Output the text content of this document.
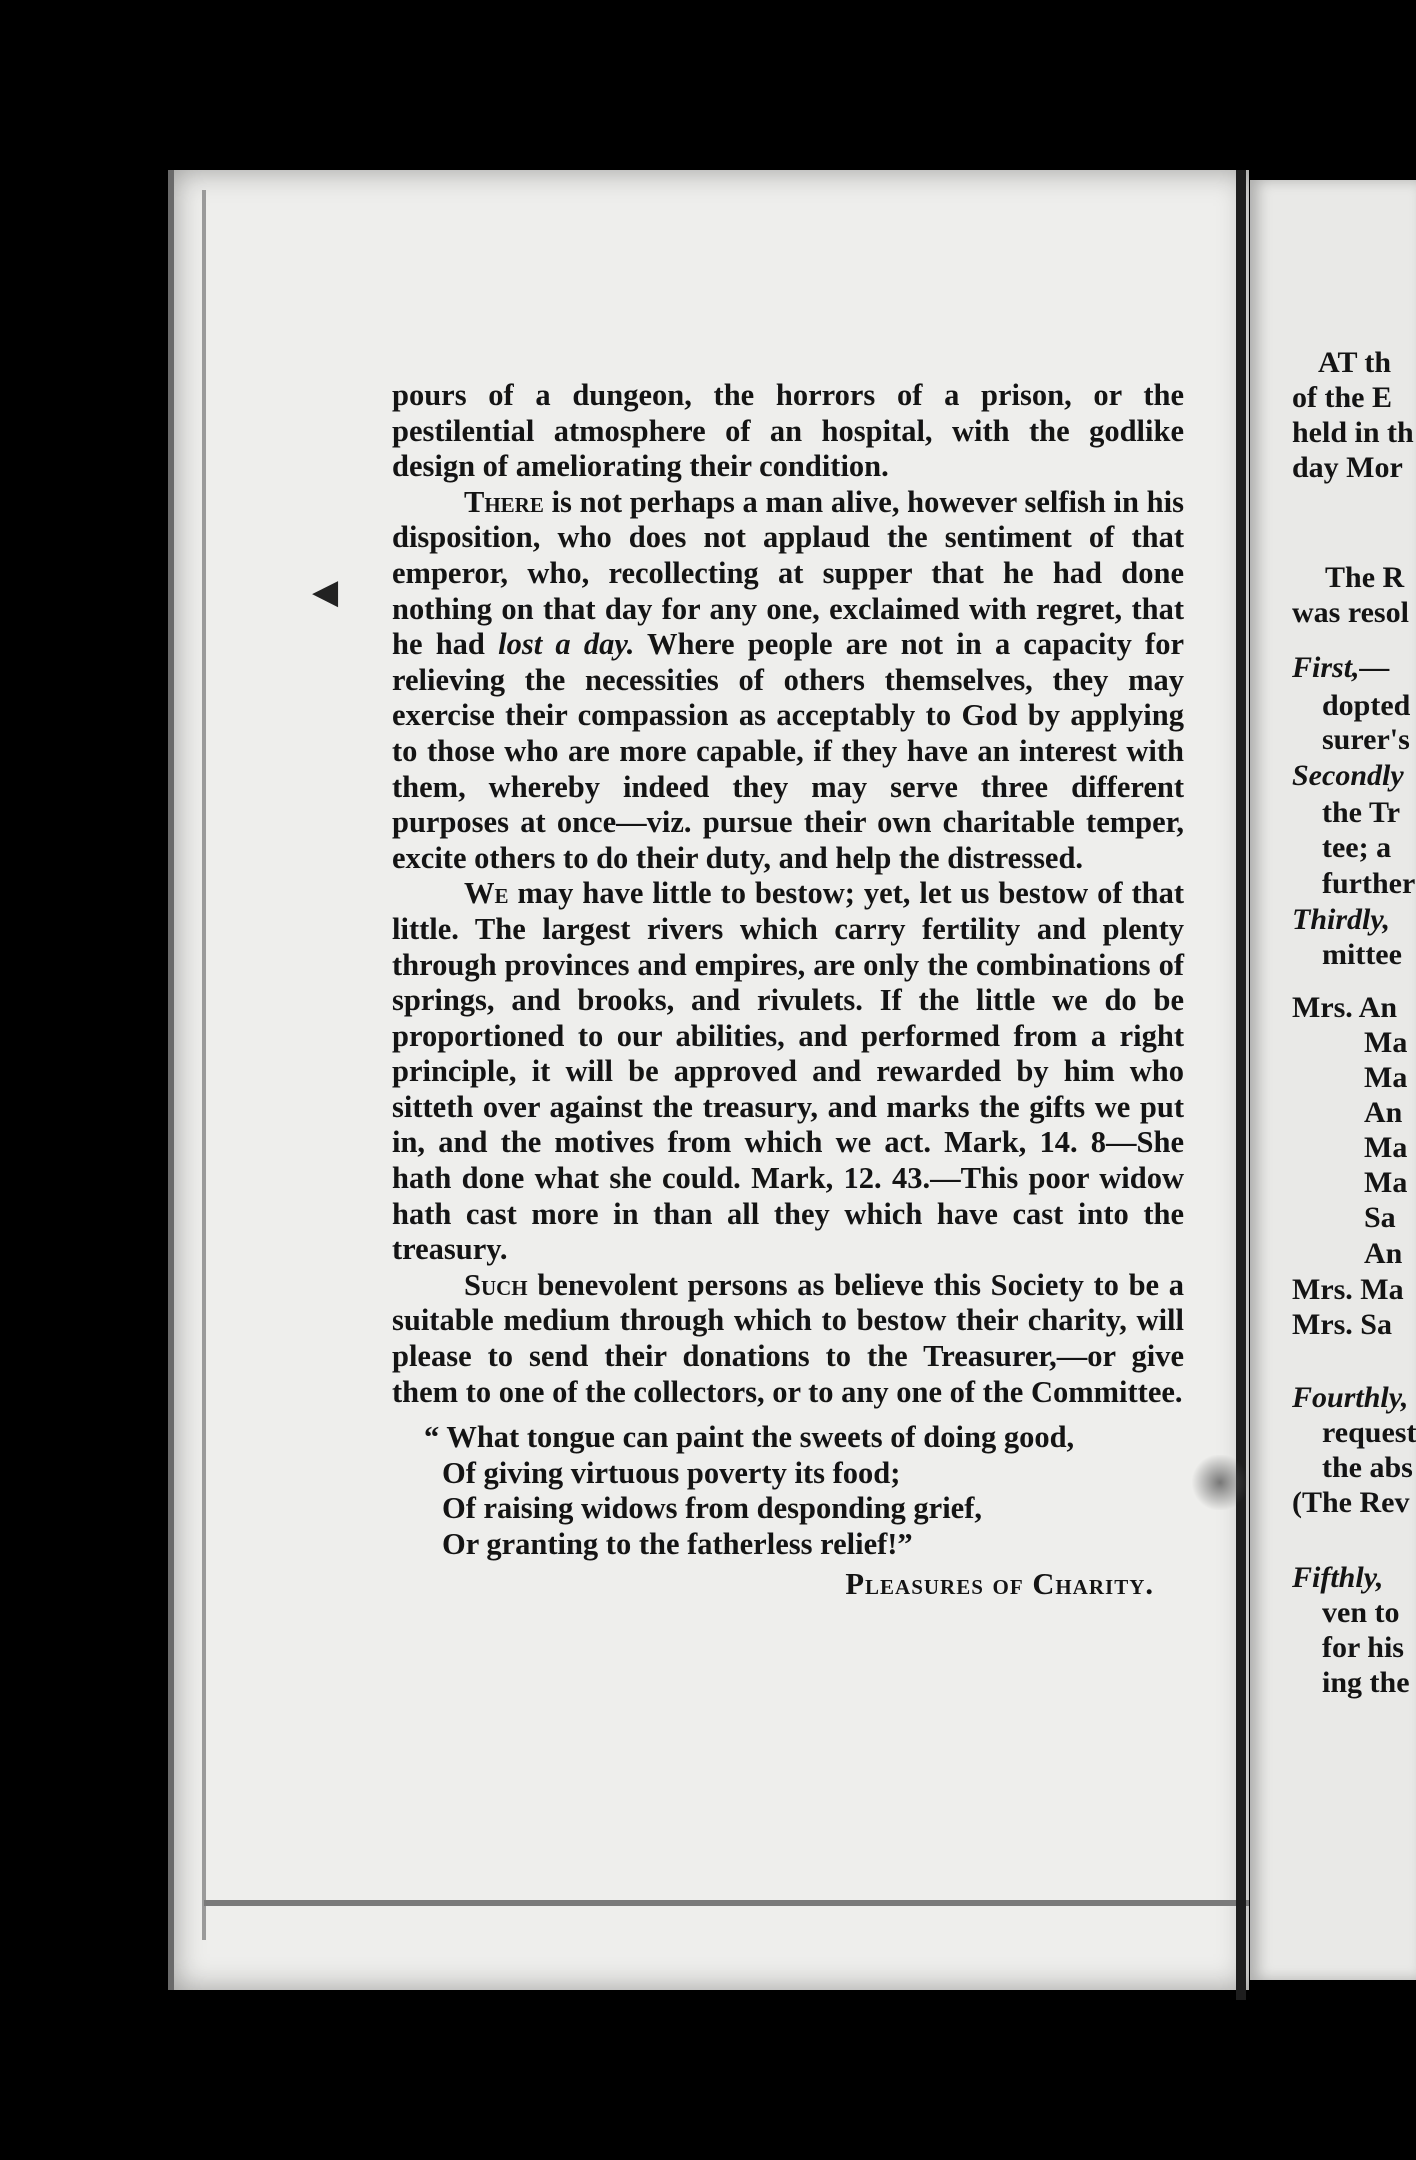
◀

pours of a dungeon, the horrors of a prison, or the pestilential atmosphere of an hospital, with the godlike design of ameliorating their condition.

There is not perhaps a man alive, however selfish in his disposition, who does not applaud the sentiment of that emperor, who, recollecting at supper that he had done nothing on that day for any one, exclaimed with regret, that he had lost a day. Where people are not in a capacity for relieving the necessities of others themselves, they may exercise their compassion as acceptably to God by applying to those who are more capable, if they have an interest with them, whereby indeed they may serve three different purposes at once—viz. pursue their own charitable temper, excite others to do their duty, and help the distressed.

We may have little to bestow; yet, let us bestow of that little. The largest rivers which carry fertility and plenty through provinces and empires, are only the combinations of springs, and brooks, and rivulets. If the little we do be proportioned to our abilities, and performed from a right principle, it will be approved and rewarded by him who sitteth over against the treasury, and marks the gifts we put in, and the motives from which we act. Mark, 14. 8—She hath done what she could. Mark, 12. 43.—This poor widow hath cast more in than all they which have cast into the treasury.

Such benevolent persons as believe this Society to be a suitable medium through which to bestow their charity, will please to send their donations to the Treasurer,—or give them to one of the collectors, or to any one of the Committee.

“ What tongue can paint the sweets of doing good,
Of giving virtuous poverty its food;
Of raising widows from desponding grief,
Or granting to the fatherless relief!”
Pleasures of Charity.
AT th
of the E
held in th
day Mor
The R
was resol
First,—
dopted
surer's
Secondly
the Tr
tee; a
further
Thirdly,
mittee
Mrs. An
Ma
Ma
An
Ma
Ma
Sa
An
Mrs. Ma
Mrs. Sa
Fourthly,
request
the abs
(The Rev
Fifthly,
ven to
for his
ing the
